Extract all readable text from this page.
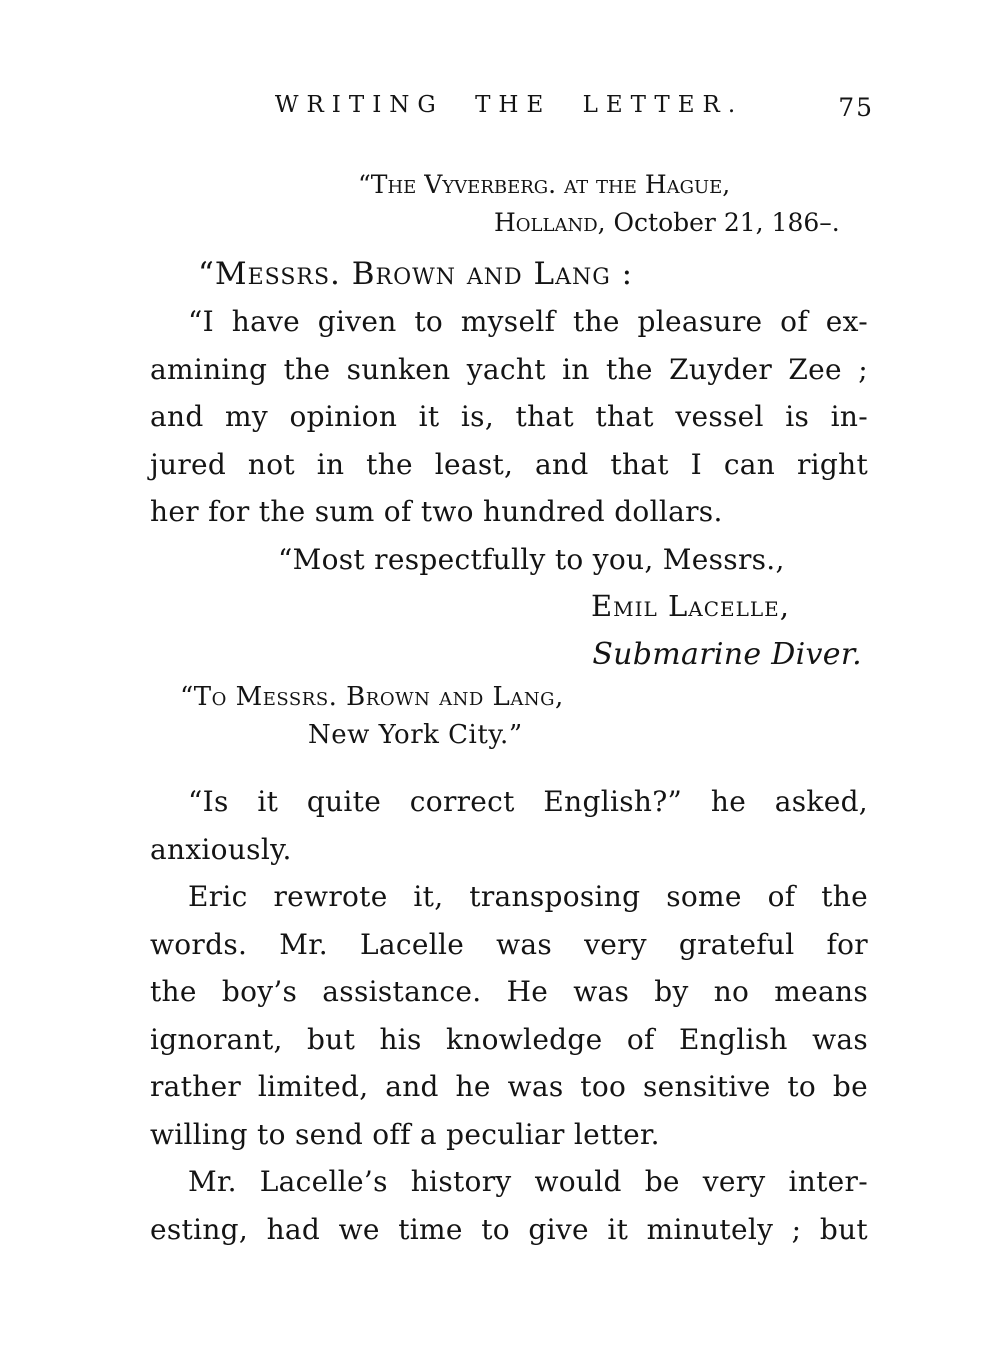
WRITING THE LETTER.	75
“The Vyverberg. at the Hague,
Holland, October 21, 186–.
“Messrs. Brown and Lang :
“I have given to myself the pleasure of ex-
amining the sunken yacht in the Zuyder Zee ;
and my opinion it is, that that vessel is in-
jured not in the least, and that I can right
her for the sum of two hundred dollars.
“Most respectfully to you, Messrs.,
Emil Lacelle,
Submarine Diver.
“To Messrs. Brown and Lang,
New York City.”
“Is it quite correct English?” he asked,
anxiously.
Eric rewrote it, transposing some of the
words. Mr. Lacelle was very grateful for
the boy’s assistance. He was by no means
ignorant, but his knowledge of English was
rather limited, and he was too sensitive to be
willing to send off a peculiar letter.
Mr. Lacelle’s history would be very inter-
esting, had we time to give it minutely ; but
